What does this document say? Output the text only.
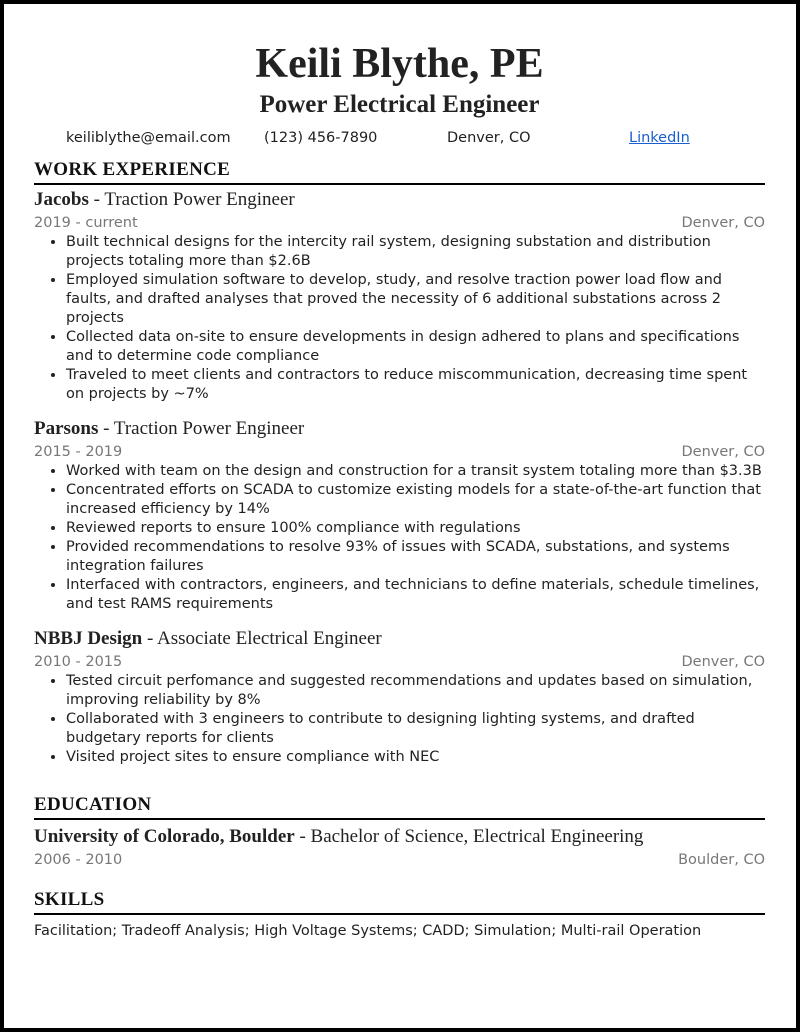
Keili Blythe, PE
Power Electrical Engineer
keiliblythe@email.com (123) 456-7890	Denver, CO	LinkedIn
WORK EXPERIENCE
Jacobs - Traction Power Engineer
2019 - current	Denver, CO
• Built technical designs for the intercity rail system, designing substation and distribution projects totaling more than $2.6B
• Employed simulation software to develop, study, and resolve traction power load flow and faults, and drafted analyses that proved the necessity of 6 additional substations across 2 projects
• Collected data on-site to ensure developments in design adhered to plans and specifications and to determine code compliance
• Traveled to meet clients and contractors to reduce miscommunication, decreasing time spent on projects by ~7%
Parsons - Traction Power Engineer
2015 - 2019	Denver, CO
• Worked with team on the design and construction for a transit system totaling more than $3.3B
• Concentrated efforts on SCADA to customize existing models for a state-of-the-art function that increased efficiency by 14%
• Reviewed reports to ensure 100% compliance with regulations
• Provided recommendations to resolve 93% of issues with SCADA, substations, and systems integration failures
• Interfaced with contractors, engineers, and technicians to define materials, schedule timelines, and test RAMS requirements
NBBJ Design - Associate Electrical Engineer
2010 - 2015	Denver, CO
• Tested circuit perfomance and suggested recommendations and updates based on simulation, improving reliability by 8%
• Collaborated with 3 engineers to contribute to designing lighting systems, and drafted budgetary reports for clients
• Visited project sites to ensure compliance with NEC
EDUCATION
University of Colorado, Boulder - Bachelor of Science, Electrical Engineering
2006 - 2010	Boulder, CO
SKILLS
Facilitation; Tradeoff Analysis; High Voltage Systems; CADD; Simulation; Multi-rail Operation
